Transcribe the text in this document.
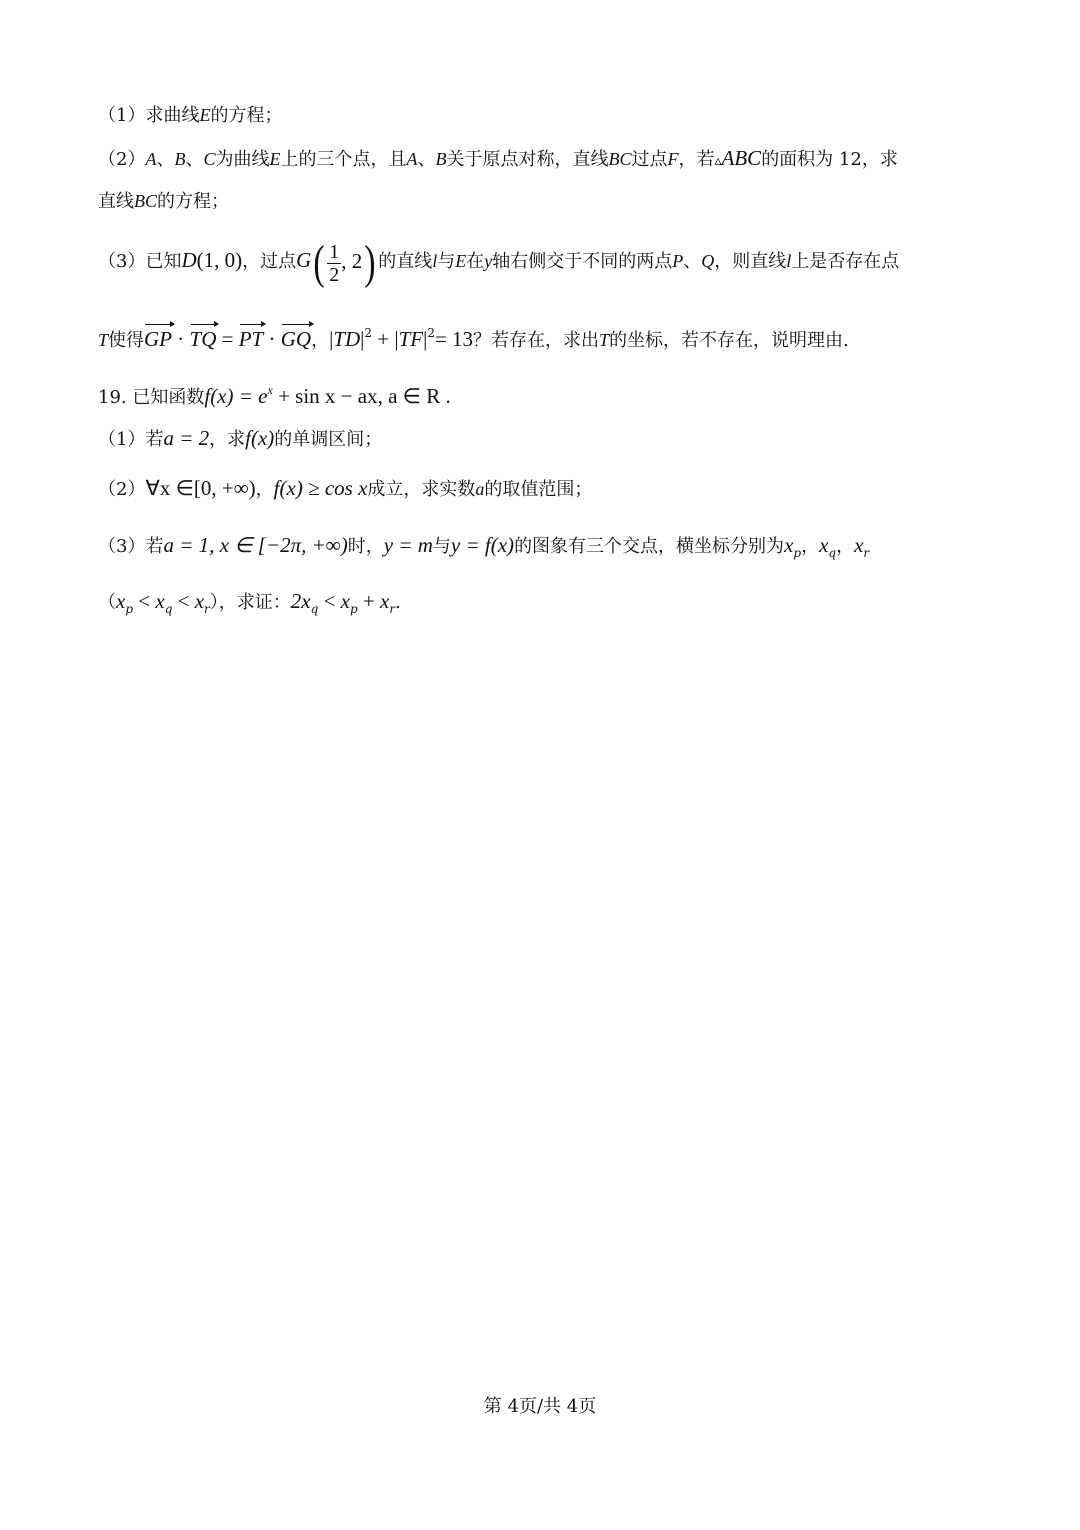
（1）求曲线E的方程；
（2）A、B、C为曲线E上的三个点，且A、B关于原点对称，直线BC过点F，若▵ABC的面积为 12，求
直线BC的方程；
（3）已知D(1, 0)，过点$G( \frac{1}{2}$ , 2) 的直线l与E在y轴右侧交于不同的两点P、Q，则直线l上是否存在点
T使得GP · TQ = PT · GQ，$|TD|^2 + |TF|^2= 13$？若存在，求出T的坐标，若不存在，说明理由.
19. 已知函数$f(x) = e^x + \sin x$ − ax, a ∈ R .
（1）若a = 2，求f(x)的单调区间；
（2）∀x ∈[0, +∞)，f(x) ≥ cos x成立，求实数a的取值范围；
（3）若a = 1, x ∈ [−2π, +∞)时，y = m与y = f(x)的图象有三个交点，横坐标分别为$x_p$，$x_q$，$x_r$
$(x_p < x_q < x_r)$，求证：$2x_q < x_p + x_r$.
第 4页/共 4页
